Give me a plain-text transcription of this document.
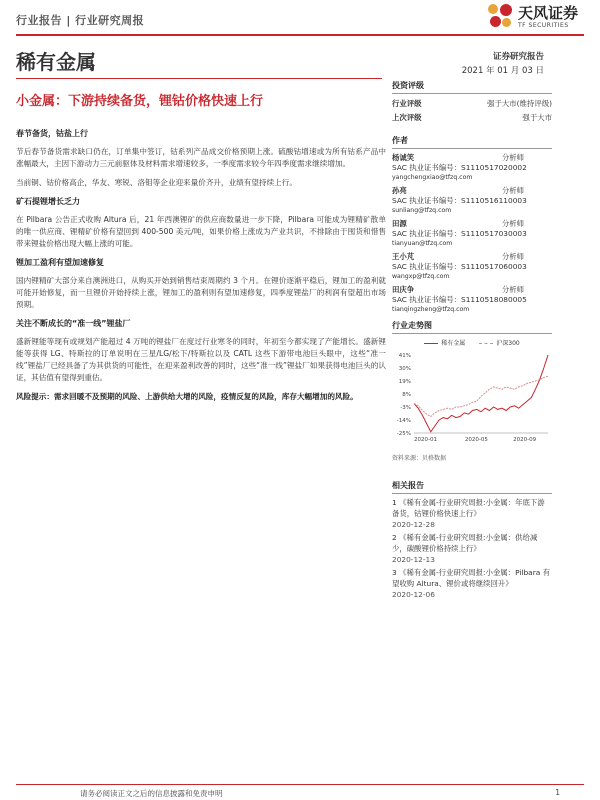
行业报告 | 行业研究周报	天风证券
TF SECURITIES
稀有金属	证券研究报告
2021 年 01 月 03 日
小金属：下游持续备货，锂钴价格快速上行
春节备货，钴盐上行

节后春节备货需求缺口仍在，订单集中签订，钴系列产品成交价格预期上涨。硫酸钴增速或为所有钴系产品中涨幅最大，主因下游动力三元前驱体及材料需求增速较多，一季度需求较今年四季度需求继续增加。

当前铜、钴价格高企，华友、寒锐、洛钼等企业迎来量价齐升，业绩有望持续上行。

矿石提锂增长乏力

在 Pilbara 公告正式收购 Altura 后，21 年西澳锂矿的供应商数量进一步下降，Pilbara 可能成为锂精矿散单的唯一供应商、锂精矿价格有望回到 400-500 美元/吨，如果价格上涨成为产业共识，不排除由于囤货和惜售带来锂盐价格出现大幅上涨的可能。

锂加工盈利有望加速修复

国内锂精矿大部分来自澳洲进口，从购买开始到销售结束周期约 3 个月。在锂价逐渐平稳后，锂加工的盈利就可能开始修复，而一旦锂价开始持续上涨，锂加工的盈利则有望加速修复，四季度锂盐厂的利润有望超出市场预期。

关注不断成长的“准一线”锂盐厂

盛新锂能等现有或规划产能超过 4 万吨的锂盐厂在度过行业寒冬的同时，年初至今都实现了产能增长。盛新锂能等获得 LG、特斯拉的订单说明在三星/LG/松下/特斯拉以及 CATL 这些下游带电池巨头眼中，这些“准一线”锂盐厂已经具备了为其供货的可能性，在迎来盈利改善的同时，这些“准一线”锂盐厂如果获得电池巨头的认证，其估值有望得到重估。

风险提示：需求回暖不及预期的风险、上游供给大增的风险，疫情反复的风险，库存大幅增加的风险。

投资评级
行业评级	强于大市(维持评级)
上次评级	强于大市
作者
杨诚笑	分析师
SAC 执业证书编号：S1110517020002
yangchengxiao@tfzq.com
孙亮	分析师
SAC 执业证书编号：S1110516110003
sunliang@tfzq.com
田源	分析师
SAC 执业证书编号：S1110517030003
tianyuan@tfzq.com
王小芃	分析师
SAC 执业证书编号：S1110517060003
wangxp@tfzq.com
田庆争	分析师
SAC 执业证书编号：S1110518080005
tianqingzheng@tfzq.com
行业走势图
稀有金属	沪深300
41%
30%
19%
8%
-3%
-14%
-25%
2020-01	2020-05	2020-09
资料来源：贝格数据
相关报告
1 《稀有金属-行业研究周报:小金属：年底下游备货，钴锂价格快速上行》
2020-12-28
2 《稀有金属-行业研究周报:小金属：供给减少，碳酸锂价格持续上行》
2020-12-13
3 《稀有金属-行业研究周报:小金属：Pilbara 有望收购 Altura、锂价或将继续回升》
2020-12-06
请务必阅读正文之后的信息披露和免责申明	1
